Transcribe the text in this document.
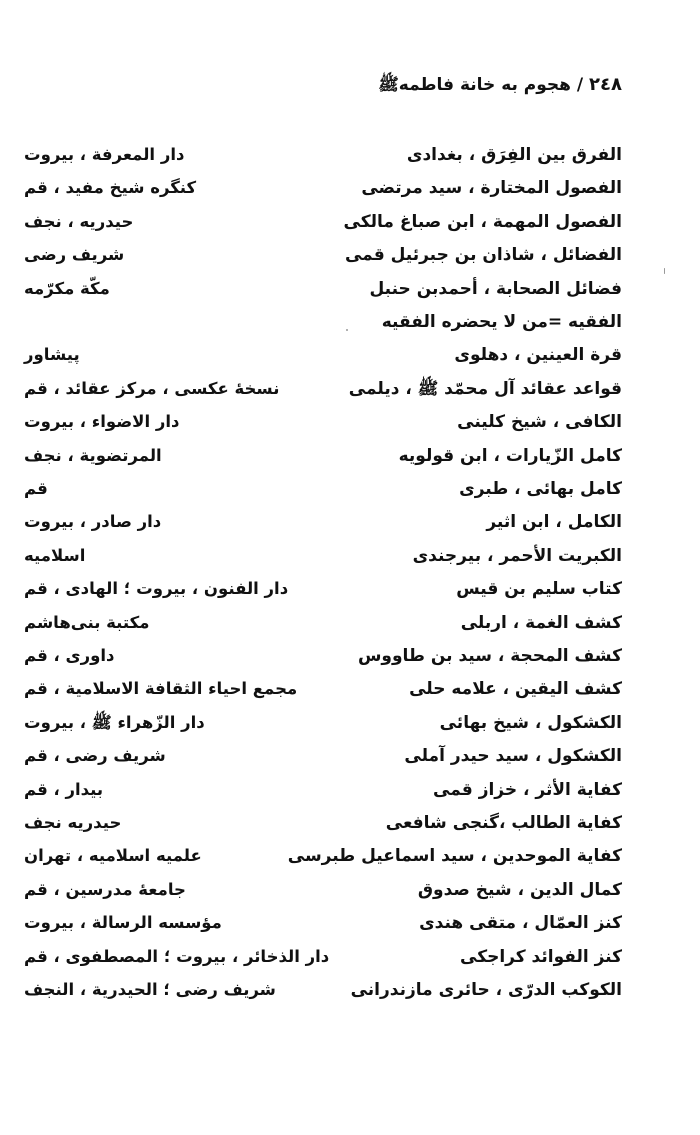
٢٤٨ / هجوم به خانة فاطمهﷺ
الفرق بين الفِرَق ، بغدادى
دار المعرفة ، بيروت
الفصول المختارة ، سيد مرتضى
كنگره شيخ مفيد ، قم
الفصول المهمة ، ابن صباغ مالكى
حيدريه ، نجف
الفضائل ، شاذان بن جبرئيل قمى
شريف رضى
فضائل الصحابة ، أحمدبن حنبل
مكّة مكرّمه
الفقيه =من لا يحضره الفقيه
قرة العينين ، دهلوى
پيشاور
قواعد عقائد آل محمّد ﷺ ، ديلمى
نسخهٔ عكسى ، مركز عقائد ، قم
الكافى ، شيخ كلينى
دار الاضواء ، بيروت
كامل الزّيارات ، ابن قولويه
المرتضوية ، نجف
كامل بهائى ، طبرى
قم
الكامل ، ابن اثير
دار صادر ، بيروت
الكبريت الأحمر ، بيرجندى
اسلاميه
كتاب سليم بن قيس
دار الفنون ، بيروت ؛ الهادى ، قم
كشف الغمة ، اربلى
مكتبة بنى‌هاشم
كشف المحجة ، سيد بن طاووس
داورى ، قم
كشف اليقين ، علامه حلى
مجمع احياء الثقافة الاسلامية ، قم
الكشكول ، شيخ بهائى
دار الزّهراء ﷺ ، بيروت
الكشكول ، سيد حيدر آملى
شريف رضى ، قم
كفاية الأثر ، خزاز قمى
بيدار ، قم
كفاية الطالب ،گنجى شافعى
حيدريه نجف
كفاية الموحدين ، سيد اسماعيل طبرسى
علميه اسلاميه ، تهران
كمال الدين ، شيخ صدوق
جامعهٔ مدرسين ، قم
كنز العمّال ، متقى هندى
مؤسسه الرسالة ، بيروت
كنز الفوائد كراجكى
دار الذخائر ، بيروت ؛ المصطفوى ، قم
الكوكب الدرّى ، حائرى مازندرانى
شريف رضى ؛ الحيدرية ، النجف
